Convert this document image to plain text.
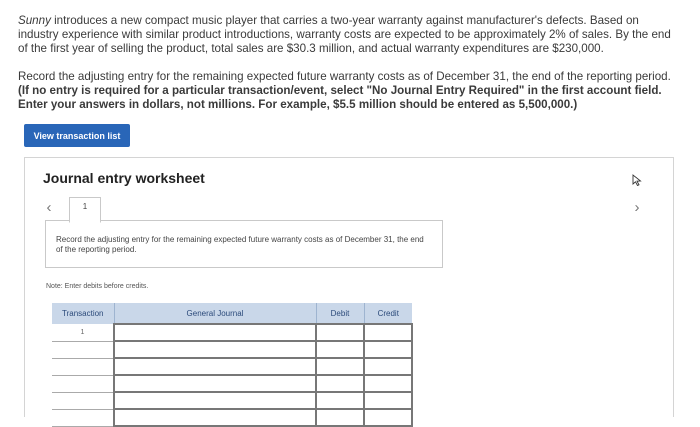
Sunny introduces a new compact music player that carries a two-year warranty against manufacturer's defects. Based on industry experience with similar product introductions, warranty costs are expected to be approximately 2% of sales. By the end of the first year of selling the product, total sales are $30.3 million, and actual warranty expenditures are $230,000.

Record the adjusting entry for the remaining expected future warranty costs as of December 31, the end of the reporting period. (If no entry is required for a particular transaction/event, select "No Journal Entry Required" in the first account field. Enter your answers in dollars, not millions. For example, $5.5 million should be entered as 5,500,000.)

View transaction list
Journal entry worksheet
‹	1	›
Record the adjusting entry for the remaining expected future warranty costs as of December 31, the end of the reporting period.
Note: Enter debits before credits.
Transaction	General Journal	Debit	Credit
1			
